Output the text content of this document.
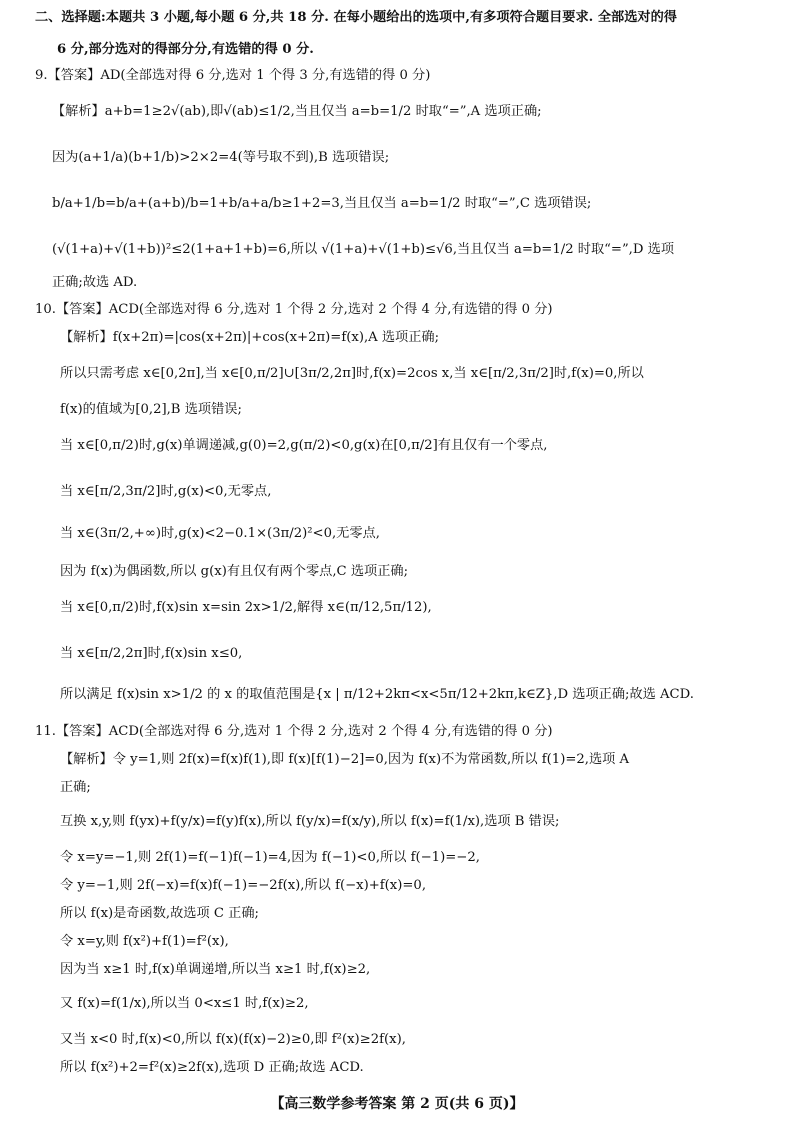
二、选择题:本题共 3 小题,每小题 6 分,共 18 分. 在每小题给出的选项中,有多项符合题目要求. 全部选对的得
6 分,部分选对的得部分分,有选错的得 0 分.
9.【答案】AD(全部选对得 6 分,选对 1 个得 3 分,有选错的得 0 分)
【解析】a+b=1≥2√(ab),即√(ab)≤1/2,当且仅当 a=b=1/2 时取“=”,A 选项正确;
因为(a+1/a)(b+1/b)>2×2=4(等号取不到),B 选项错误;
b/a+1/b=b/a+(a+b)/b=1+b/a+a/b≥1+2=3,当且仅当 a=b=1/2 时取“=”,C 选项错误;
(√(1+a)+√(1+b))²≤2(1+a+1+b)=6,所以 √(1+a)+√(1+b)≤√6,当且仅当 a=b=1/2 时取“=”,D 选项
正确;故选 AD.
10.【答案】ACD(全部选对得 6 分,选对 1 个得 2 分,选对 2 个得 4 分,有选错的得 0 分)
【解析】f(x+2π)=|cos(x+2π)|+cos(x+2π)=f(x),A 选项正确;
所以只需考虑 x∈[0,2π],当 x∈[0,π/2]∪[3π/2,2π]时,f(x)=2cos x,当 x∈[π/2,3π/2]时,f(x)=0,所以
f(x)的值域为[0,2],B 选项错误;
当 x∈[0,π/2)时,g(x)单调递减,g(0)=2,g(π/2)<0,g(x)在[0,π/2]有且仅有一个零点,
当 x∈[π/2,3π/2]时,g(x)<0,无零点,
当 x∈(3π/2,+∞)时,g(x)<2−0.1×(3π/2)²<0,无零点,
因为 f(x)为偶函数,所以 g(x)有且仅有两个零点,C 选项正确;
当 x∈[0,π/2)时,f(x)sin x=sin 2x>1/2,解得 x∈(π/12,5π/12),
当 x∈[π/2,2π]时,f(x)sin x≤0,
所以满足 f(x)sin x>1/2 的 x 的取值范围是{x | π/12+2kπ<x<5π/12+2kπ,k∈Z},D 选项正确;故选 ACD.
11.【答案】ACD(全部选对得 6 分,选对 1 个得 2 分,选对 2 个得 4 分,有选错的得 0 分)
【解析】令 y=1,则 2f(x)=f(x)f(1),即 f(x)[f(1)−2]=0,因为 f(x)不为常函数,所以 f(1)=2,选项 A
正确;
互换 x,y,则 f(yx)+f(y/x)=f(y)f(x),所以 f(y/x)=f(x/y),所以 f(x)=f(1/x),选项 B 错误;
令 x=y=−1,则 2f(1)=f(−1)f(−1)=4,因为 f(−1)<0,所以 f(−1)=−2,
令 y=−1,则 2f(−x)=f(x)f(−1)=−2f(x),所以 f(−x)+f(x)=0,
所以 f(x)是奇函数,故选项 C 正确;
令 x=y,则 f(x²)+f(1)=f²(x),
因为当 x≥1 时,f(x)单调递增,所以当 x≥1 时,f(x)≥2,
又 f(x)=f(1/x),所以当 0<x≤1 时,f(x)≥2,
又当 x<0 时,f(x)<0,所以 f(x)(f(x)−2)≥0,即 f²(x)≥2f(x),
所以 f(x²)+2=f²(x)≥2f(x),选项 D 正确;故选 ACD.
【高三数学参考答案 第 2 页(共 6 页)】
